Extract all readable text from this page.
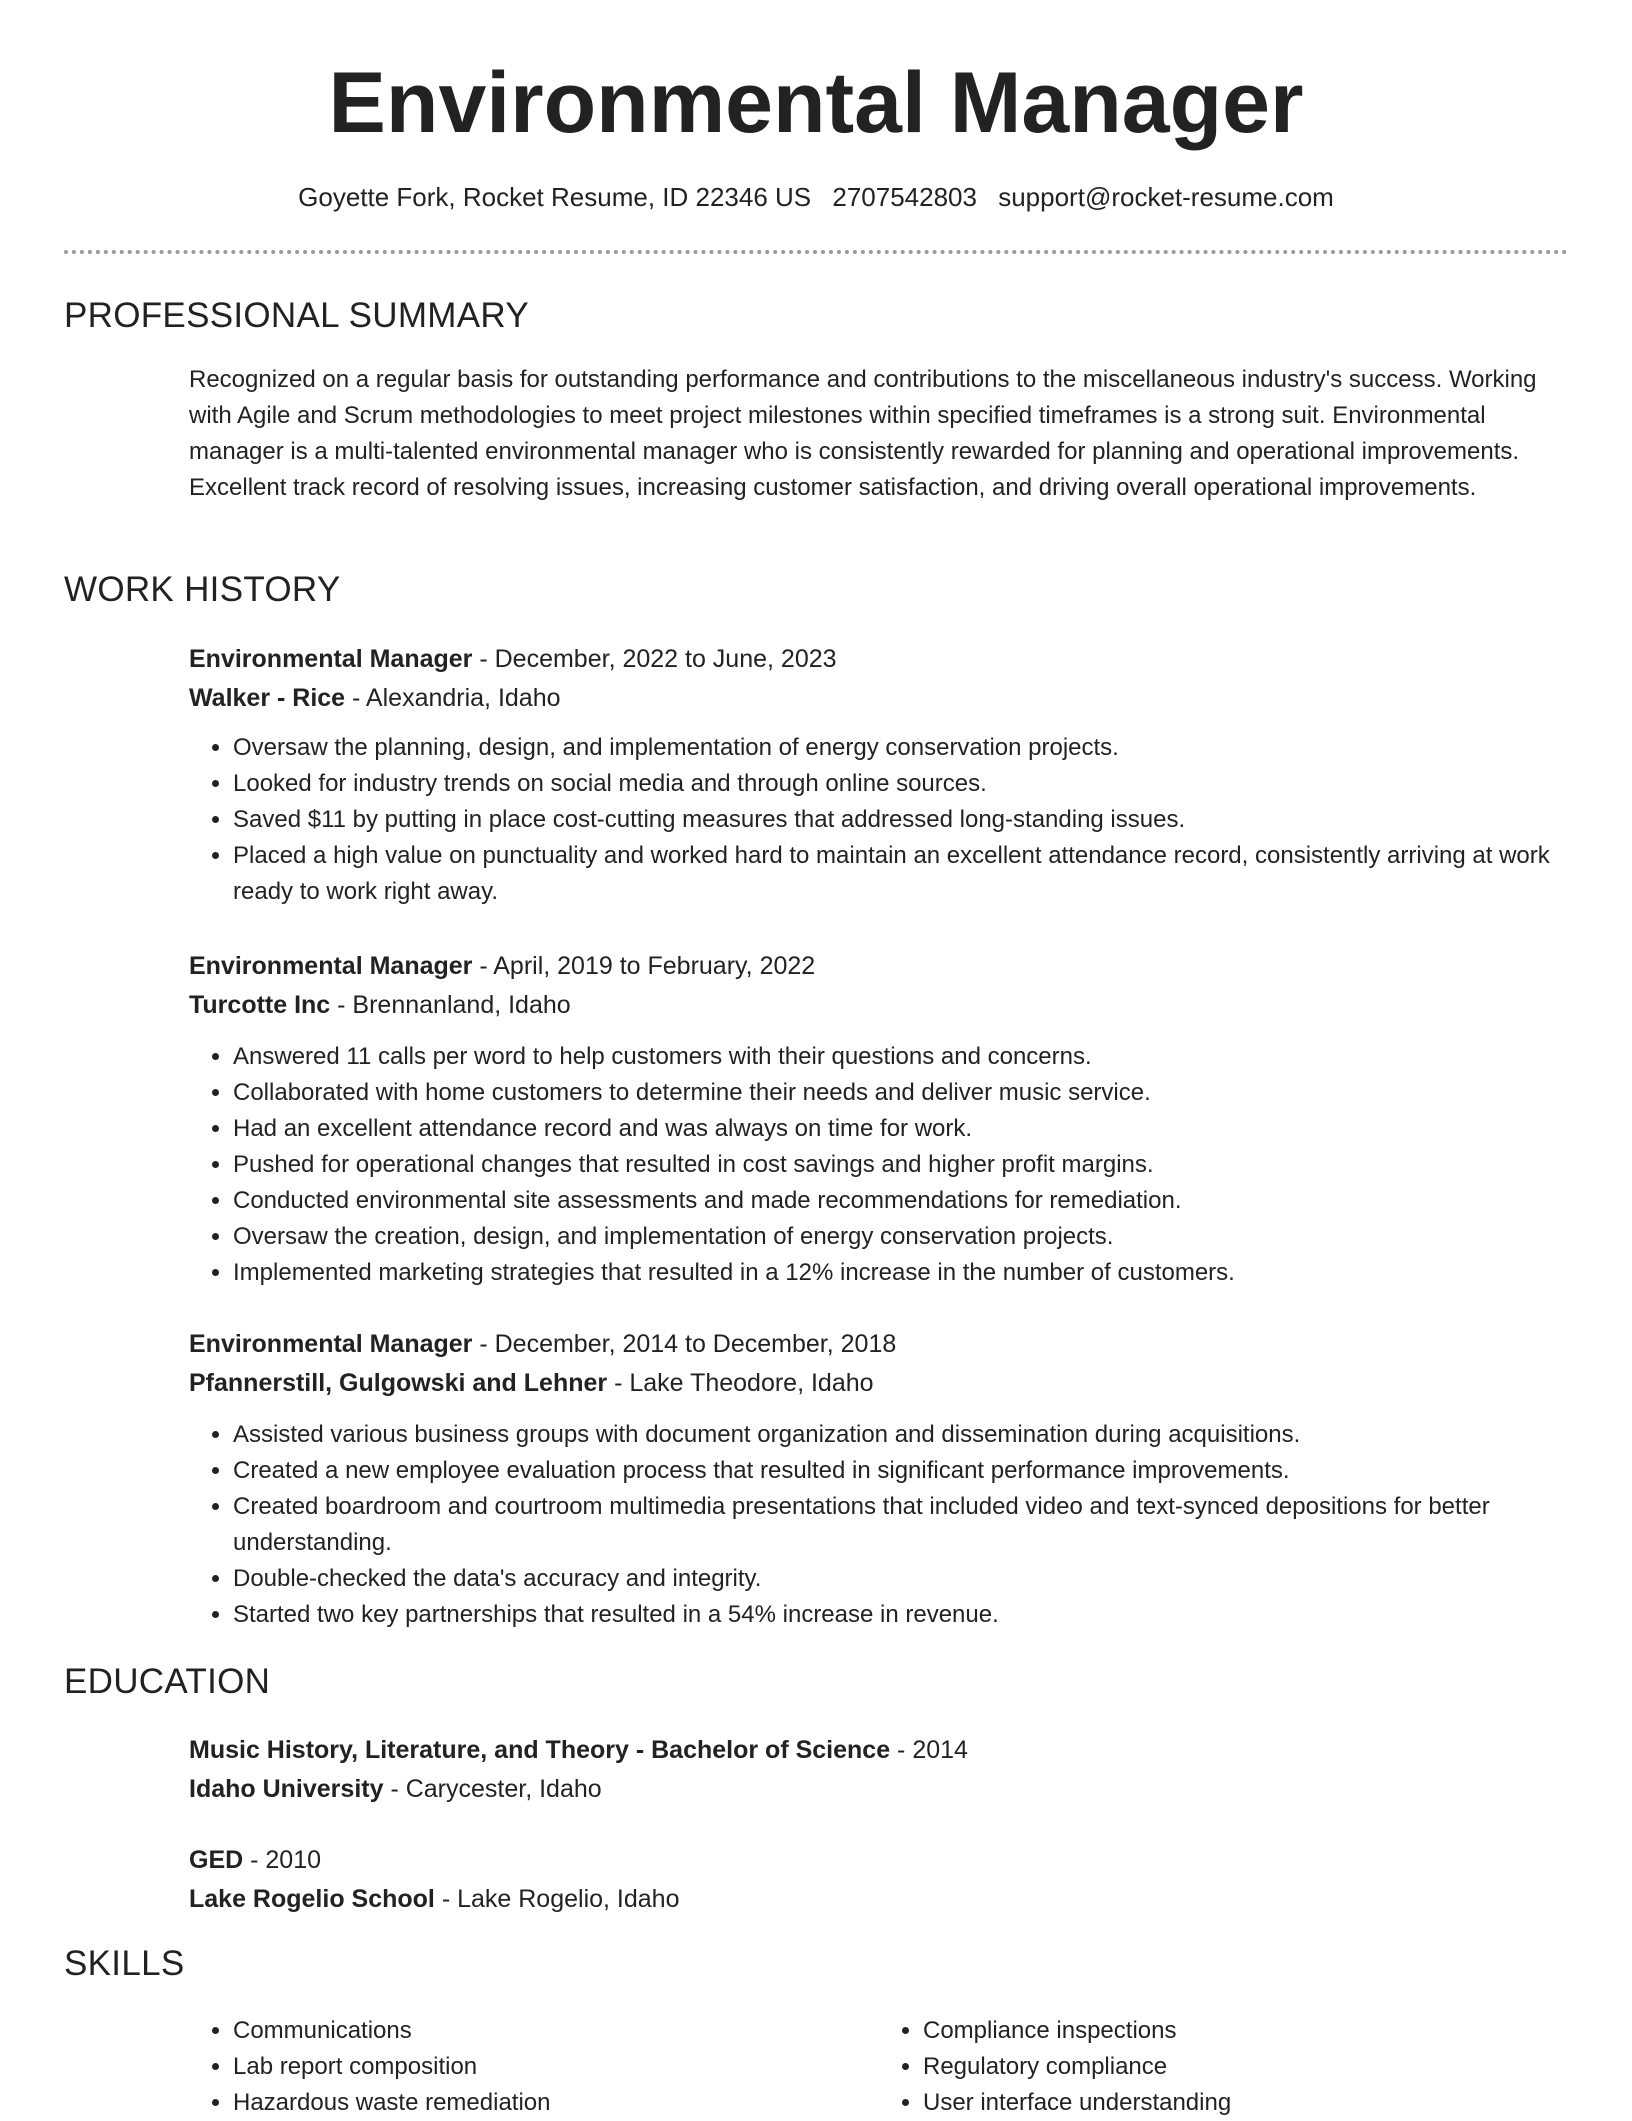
Environmental Manager
Goyette Fork, Rocket Resume, ID 22346 US 2707542803 support@rocket-resume.com
PROFESSIONAL SUMMARY
Recognized on a regular basis for outstanding performance and contributions to the miscellaneous industry's success. Working with Agile and Scrum methodologies to meet project milestones within specified timeframes is a strong suit. Environmental manager is a multi-talented environmental manager who is consistently rewarded for planning and operational improvements. Excellent track record of resolving issues, increasing customer satisfaction, and driving overall operational improvements.
WORK HISTORY
Environmental Manager - December, 2022 to June, 2023
Walker - Rice - Alexandria, Idaho
• Oversaw the planning, design, and implementation of energy conservation projects.
• Looked for industry trends on social media and through online sources.
• Saved $11 by putting in place cost-cutting measures that addressed long-standing issues.
• Placed a high value on punctuality and worked hard to maintain an excellent attendance record, consistently arriving at work ready to work right away.
Environmental Manager - April, 2019 to February, 2022
Turcotte Inc - Brennanland, Idaho
• Answered 11 calls per word to help customers with their questions and concerns.
• Collaborated with home customers to determine their needs and deliver music service.
• Had an excellent attendance record and was always on time for work.
• Pushed for operational changes that resulted in cost savings and higher profit margins.
• Conducted environmental site assessments and made recommendations for remediation.
• Oversaw the creation, design, and implementation of energy conservation projects.
• Implemented marketing strategies that resulted in a 12% increase in the number of customers.
Environmental Manager - December, 2014 to December, 2018
Pfannerstill, Gulgowski and Lehner - Lake Theodore, Idaho
• Assisted various business groups with document organization and dissemination during acquisitions.
• Created a new employee evaluation process that resulted in significant performance improvements.
• Created boardroom and courtroom multimedia presentations that included video and text-synced depositions for better understanding.
• Double-checked the data's accuracy and integrity.
• Started two key partnerships that resulted in a 54% increase in revenue.
EDUCATION
Music History, Literature, and Theory - Bachelor of Science - 2014
Idaho University - Carycester, Idaho
GED - 2010
Lake Rogelio School - Lake Rogelio, Idaho
SKILLS
• Communications
• Lab report composition
• Hazardous waste remediation
• Compliance inspections
• Regulatory compliance
• User interface understanding
